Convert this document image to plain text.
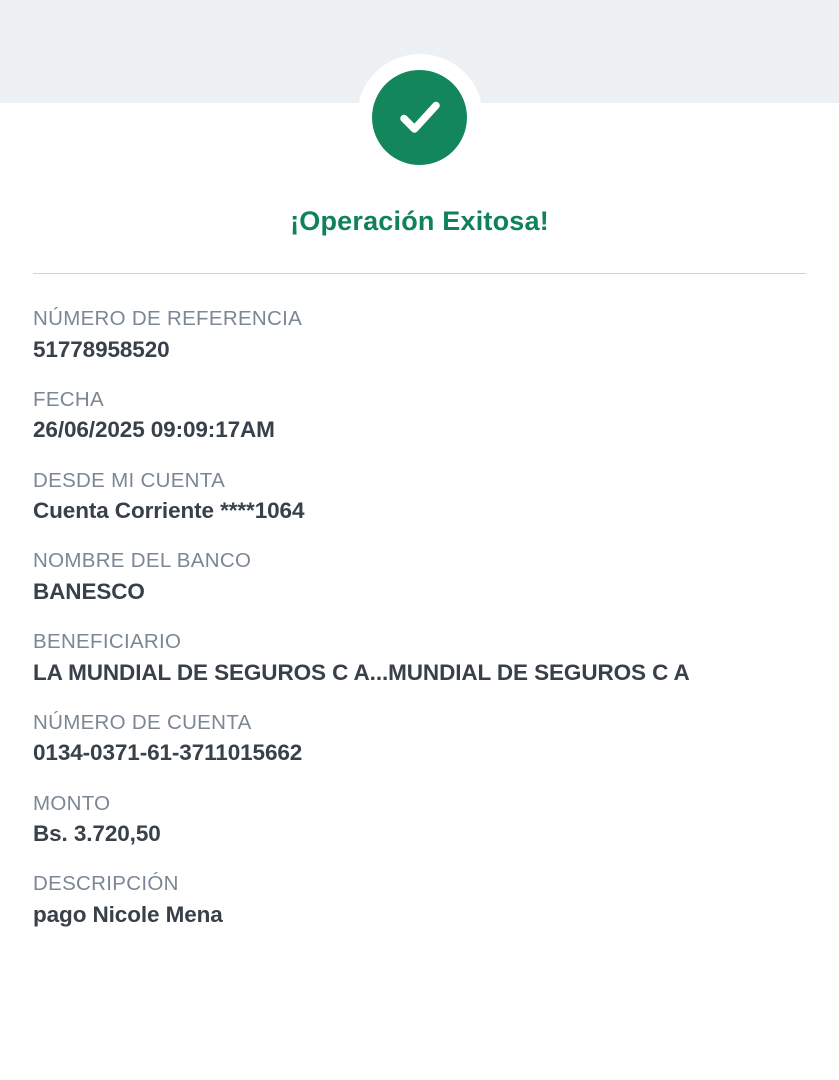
¡Operación Exitosa!
NÚMERO DE REFERENCIA
51778958520
FECHA
26/06/2025 09:09:17AM
DESDE MI CUENTA
Cuenta Corriente ****1064
NOMBRE DEL BANCO
BANESCO
BENEFICIARIO
LA MUNDIAL DE SEGUROS C A...MUNDIAL DE SEGUROS C A
NÚMERO DE CUENTA
0134-0371-61-3711015662
MONTO
Bs. 3.720,50
DESCRIPCIÓN
pago Nicole Mena
